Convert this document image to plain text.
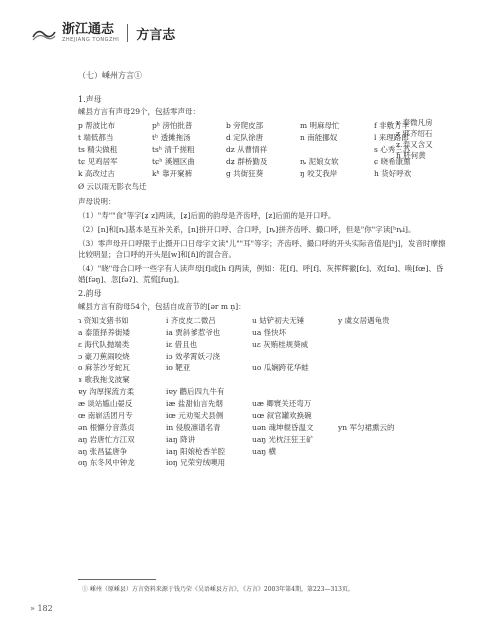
浙江通志
ZHEJIANG TONGZHI 方言志
（七）嵊州方言①
1.声母
嵊县方言有声母29个，包括零声母：
p 帮波比布	pʰ 滂怕批普	b 旁爬皮部	m 明麻母忙	f 非敷方丰
t 端低都当	tʰ 透摊拖汤	d 定队徐唐	n 南能挪奴	l 来理路郎
ts 精尖做租	tsʰ 清千搓粗	dz 从曹情祥	s 心秀三苏
tɕ 见鸡居军	tɕʰ 溪翘区曲	dʑ 群桥勤及	ȵ 泥娘女软	ɕ 晓希康熏
k 高改过古	kʰ 靠开窠裤	g 共街狂葵	ŋ 咬艾我岸	h 货好呼欢
v 奉微凡房
z 邪齐绍石
ʑ 寿又含又
ɦ 胚何黄
Ø 云以雨无影衣鸟迁
声母说明：
（1）"寿""食"等字[ʑ z]两读，[ʑ]后面的韵母是齐齿呼，[z]后面的是开口呼。
（2）[n]和[ȵ]基本是互补关系，[n]拼开口呼、合口呼，[ȵ]拼齐齿呼、撮口呼，但是"你"字读[ʰȵi]。
（3）零声母开口呼限于止摄开口日母字文读"儿""耳"等字；齐齿呼、撮口呼的开头实际音值是[ʰj]，发音时摩擦比较明显；合口呼的开头是[w]和[ɦ]的混合音。
（4）"晓"母合口呼一些字有人读声母[f]或[h f]两读，例如：花[f]、呼[f]、灰挥辉徽[fɛ]、欢[fɑ]、唤[fœ]、昏婚[fəŋ]、忽[fəʔ]、荒慌[fuŋ]。
2.韵母
嵊县方言有韵母54个，包括自成音节的[ər m n̩]：
ɿ 资知支猪书如	i 齐皮皮二微吕	u 姑铲初夫无锤	y 虞女居遇龟贵
a 泰篮择养街矮	ia 贾斜爹惹爷也	ua 怪快坏
ɛ 海代队抛端类	iɛ 借且也	uɛ 灰贿桂规葵威
ɔ 豪刀蕉闹咬烧	iɔ 效孝霄妖刁浇
o 麻茶沙牙蛇瓦	io 靶亚	uo 瓜娴跨花华蛙
ɤ 歌我拖戈波窠
ɐy 沟厚探流方柔	iɐy 鹳后四九牛有
æ 谈站尴山晏反	iæ 盐甜仙言先烟	uæ 卿寰关还弯万
œ 南崭活团月专	iœ 元劝冤犬县侧	uœ 叙官罐欢换碗
ən 根懈分音蒸贞	in 侵殷凛谱名青	uən 魂坤棍昏温文	yn 军匀裙熏云的
aŋ 岩唐忙方江双	iaŋ 降讲	uaŋ 光枕汪狂王矿
aŋ 张昌猛唐争	iaŋ 阳娘枪香羊腔	uaŋ 横
oŋ 东冬风中钟龙	ioŋ 兄荣穷绒噢用
① 嵊州（原嵊县）方言资料来源于钱乃荣《吴语嵊县方言》，《方言》2003年第4期，第223—313页。
» 182
